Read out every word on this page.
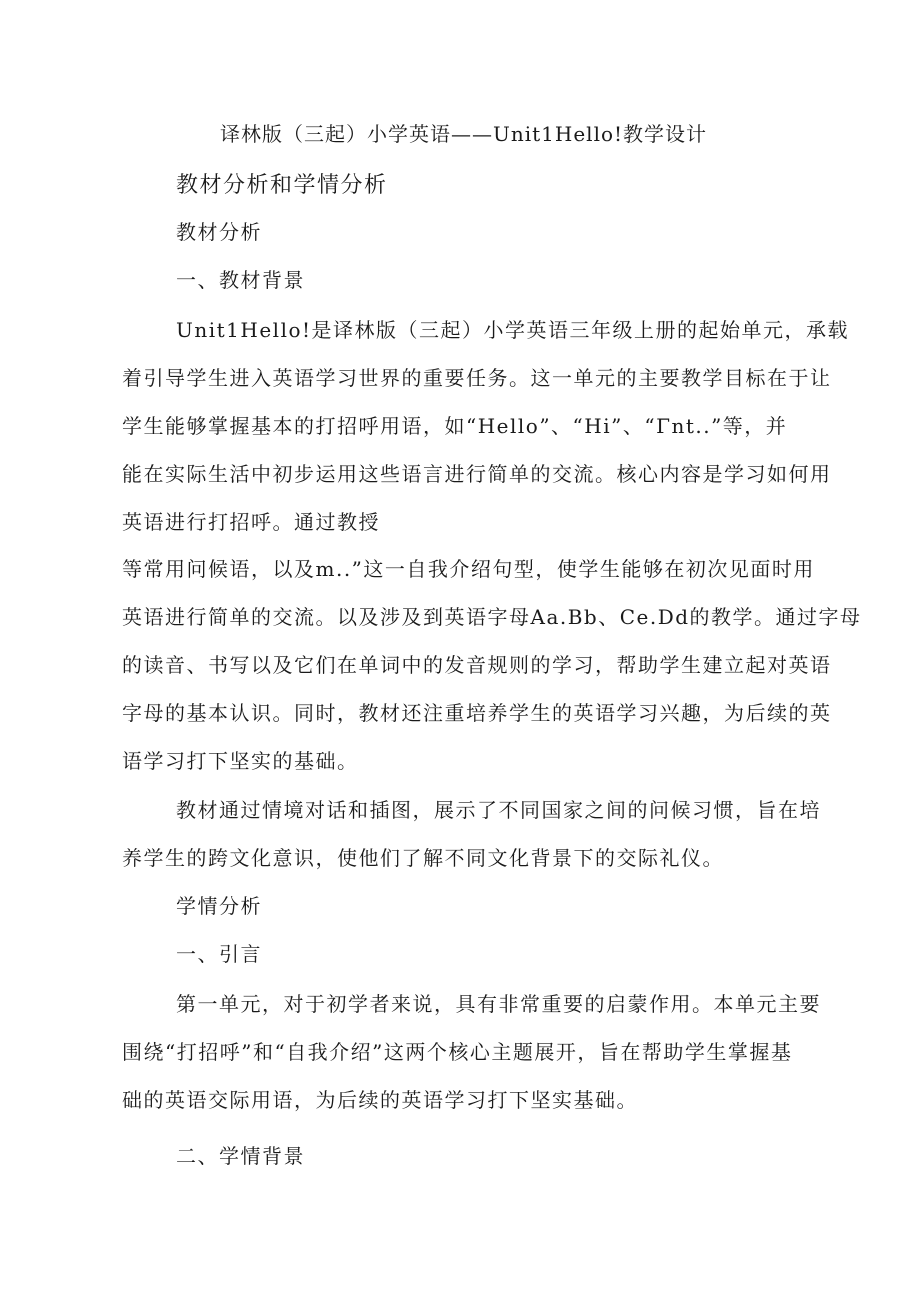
译林版（三起）小学英语——Unit1Hello!教学设计
教材分析和学情分析
教材分析
一、教材背景
Unit1Hello!是译林版（三起）小学英语三年级上册的起始单元，承载
着引导学生进入英语学习世界的重要任务。这一单元的主要教学目标在于让
学生能够掌握基本的打招呼用语，如“Hello”、“Hi”、“Γnt..”等，并
能在实际生活中初步运用这些语言进行简单的交流。核心内容是学习如何用
英语进行打招呼。通过教授
等常用问候语，以及m..”这一自我介绍句型，使学生能够在初次见面时用
英语进行简单的交流。以及涉及到英语字母Aa.Bb、Ce.Dd的教学。通过字母
的读音、书写以及它们在单词中的发音规则的学习，帮助学生建立起对英语
字母的基本认识。同时，教材还注重培养学生的英语学习兴趣，为后续的英
语学习打下坚实的基础。
教材通过情境对话和插图，展示了不同国家之间的问候习惯，旨在培
养学生的跨文化意识，使他们了解不同文化背景下的交际礼仪。
学情分析
一、引言
第一单元，对于初学者来说，具有非常重要的启蒙作用。本单元主要
围绕“打招呼”和“自我介绍”这两个核心主题展开，旨在帮助学生掌握基
础的英语交际用语，为后续的英语学习打下坚实基础。
二、学情背景
